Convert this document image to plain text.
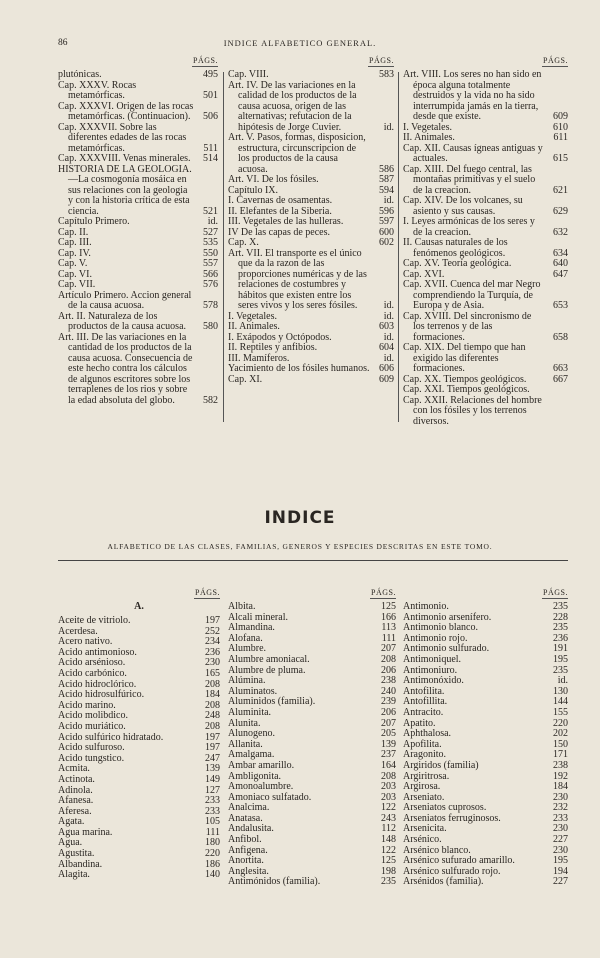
86	INDICE ALFABETICO GENERAL.
PÁGS.
plutónicas.	495
Cap. XXXV. Rocas metamórficas.	501
Cap. XXXVI. Origen de las rocas metamórficas. (Continuacion).	506
Cap. XXXVII. Sobre las diferentes edades de las rocas metamórficas.	511
Cap. XXXVIII. Venas minerales.	514
HISTORIA DE LA GEOLOGIA.—La cosmogonía mosáica en sus relaciones con la geologia y con la historia crítica de esta ciencia.	521
Capítulo Primero.	id.
Cap. II.	527
Cap. III.	535
Cap. IV.	550
Cap. V.	557
Cap. VI.	566
Cap. VII.	576
Artículo Primero. Accion general de la causa acuosa.	578
Art. II. Naturaleza de los productos de la causa acuosa.	580
Art. III. De las variaciones en la cantidad de los productos de la causa acuosa. Consecuencia de este hecho contra los cálculos de algunos escritores sobre los terraplenes de los rios y sobre la edad absoluta del globo.	582
PÁGS.
Cap. VIII.	583
Art. IV. De las variaciones en la calidad de los productos de la causa acuosa, origen de las alternativas; refutacion de la hipótesis de Jorge Cuvier.	id.
Art. V. Pasos, formas, disposicion, estructura, circunscripcion de los productos de la causa acuosa.	586
Art. VI. De los fósiles.	587
Capítulo IX.	594
I. Cavernas de osamentas.	id.
II. Elefantes de la Siberia.	596
III. Vegetales de las hulleras.	597
IV De las capas de peces.	600
Cap. X.	602
Art. VII. El transporte es el único que da la razon de las proporciones numéricas y de las relaciones de costumbres y hábitos que existen entre los seres vivos y los seres fósiles.	id.
I. Vegetales.	id.
II. Animales.	603
I. Exápodos y Octópodos.	id.
II. Reptiles y anfibios.	604
III. Mamíferos.	id.
Yacimiento de los fósiles humanos. 606
Cap. XI.	609
PÁGS.
Art. VIII. Los seres no han sido en época alguna totalmente destruidos y la vida no ha sido interrumpida jamás en la tierra, desde que existe.	609
I. Vegetales.	610
II. Animales.	611
Cap. XII. Causas ígneas antiguas y actuales.	615
Cap. XIII. Del fuego central, las montañas primitivas y el suelo de la creacion.	621
Cap. XIV. De los volcanes, su asiento y sus causas.	629
I. Leyes armónicas de los seres y de la creacion.	632
II. Causas naturales de los fenómenos geológicos.	634
Cap. XV. Teoría geológica.	640
Cap. XVI.	647
Cap. XVII. Cuenca del mar Negro comprendiendo la Turquía, de Europa y de Asia.	653
Cap. XVIII. Del sincronismo de los terrenos y de las formaciones.	658
Cap. XIX. Del tiempo que han exigido las diferentes formaciones.	663
Cap. XX. Tiempos geológicos.	667
Cap. XXI. Tiempos geológicos.
Cap. XXII. Relaciones del hombre con los fósiles y los terrenos diversos.
INDICE
ALFABETICO DE LAS CLASES, FAMILIAS, GENEROS Y ESPECIES DESCRITAS EN ESTE TOMO.
PÁGS.
A.
Aceite de vitriolo.	197
Acerdesa.	252
Acero nativo.	234
Acido antimonioso.	236
Acido arsénioso.	230
Acido carbónico.	165
Acido hidroclórico.	208
Acido hidrosulfúrico.	184
Acido marino.	208
Acido molibdico.	248
Acido muriático.	208
Acido sulfúrico hidratado.	197
Acido sulfuroso.	197
Acido tungstico.	247
Acmita.	139
Actinota.	149
Adinola.	127
Afanesa.	233
Aferesa.	233
Agata.	105
Agua marina.	111
Agua.	180
Agustita.	220
Albandina.	186
Alagita.	140
PÁGS.
Albita.	125
Alcali mineral.	166
Almandina.	113
Alofana.	111
Alumbre.	207
Alumbre amoniacal.	208
Alumbre de pluma.	206
Alúmina.	238
Aluminatos.	240
Aluminidos (familia).	239
Aluminita.	206
Alunita.	207
Alunogeno.	205
Allanita.	139
Amalgama.	237
Ambar amarillo.	164
Ambligonita.	208
Amonoalumbre.	203
Amoniaco sulfatado.	203
Analcima.	122
Anatasa.	243
Andalusita.	112
Anfibol.	148
Anfigena.	122
Anortita.	125
Anglesita.	198
Antimónidos (familia).	235
PÁGS.
Antimonio.	235
Antimonio arsenífero.	228
Antimonio blanco.	235
Antimonio rojo.	236
Antimonio sulfurado.	191
Antimoniquel.	195
Antimoniuro.	235
Antimonóxido.	id.
Antofilita.	130
Antofillita.	144
Antracito.	155
Apatito.	220
Aphthalosa.	202
Apofilita.	150
Aragonito.	171
Argiridos (familia)	238
Argiritrosa.	192
Argirosa.	184
Arseniato.	230
Arseniatos cuprosos.	232
Arseniatos ferruginosos.	233
Arsenicita.	230
Arsénico.	227
Arsénico blanco.	230
Arsénico sufurado amarillo.	195
Arsénico sulfurado rojo.	194
Arsénidos (familia).	227
